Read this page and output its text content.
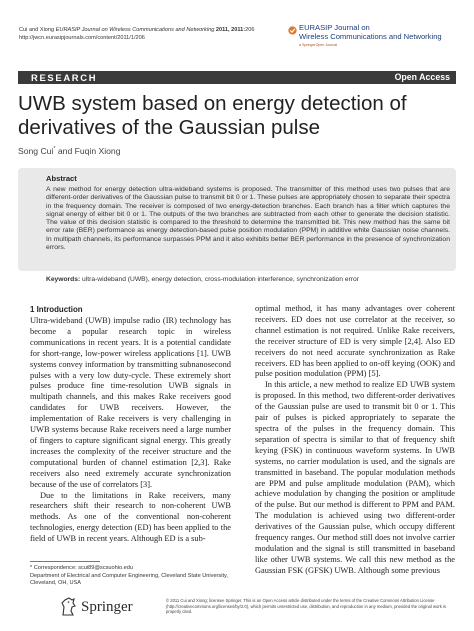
Cui and Xiong EURASIP Journal on Wireless Communications and Networking 2011, 2011:206
http://jwcn.eurasipjournals.com/content/2011/1/206
EURASIP Journal on
Wireless Communications and Networking
a SpringerOpen Journal
RESEARCH	Open Access
UWB system based on energy detection of derivatives of the Gaussian pulse
Song Cui* and Fuqin Xiong
Abstract

A new method for energy detection ultra-wideband systems is proposed. The transmitter of this method uses two pulses that are different-order derivatives of the Gaussian pulse to transmit bit 0 or 1. These pulses are appropriately chosen to separate their spectra in the frequency domain. The receiver is composed of two energy-detection branches. Each branch has a filter which captures the signal energy of either bit 0 or 1. The outputs of the two branches are subtracted from each other to generate the decision statistic. The value of this decision statistic is compared to the threshold to determine the transmitted bit. This new method has the same bit error rate (BER) performance as energy detection-based pulse position modulation (PPM) in additive white Gaussian noise channels. In multipath channels, its performance surpasses PPM and it also exhibits better BER performance in the presence of synchronization errors.

Keywords: ultra-wideband (UWB), energy detection, cross-modulation interference, synchronization error
1 Introduction

Ultra-wideband (UWB) impulse radio (IR) technology has become a popular research topic in wireless communications in recent years. It is a potential candidate for short-range, low-power wireless applications [1]. UWB systems convey information by transmitting subnanosecond pulses with a very low duty-cycle. These extremely short pulses produce fine time-resolution UWB signals in multipath channels, and this makes Rake receivers good candidates for UWB receivers. However, the implementation of Rake receivers is very challenging in UWB systems because Rake receivers need a large number of fingers to capture significant signal energy. This greatly increases the complexity of the receiver structure and the computational burden of channel estimation [2,3]. Rake receivers also need extremely accurate synchronization because of the use of correlators [3].

Due to the limitations in Rake receivers, many researchers shift their research to non-coherent UWB methods. As one of the conventional non-coherent technologies, energy detection (ED) has been applied to the field of UWB in recent years. Although ED is a sub-

optimal method, it has many advantages over coherent receivers. ED does not use correlator at the receiver, so channel estimation is not required. Unlike Rake receivers, the receiver structure of ED is very simple [2,4]. Also ED receivers do not need accurate synchronization as Rake receivers. ED has been applied to on-off keying (OOK) and pulse position modulation (PPM) [5].

In this article, a new method to realize ED UWB system is proposed. In this method, two different-order derivatives of the Gaussian pulse are used to transmit bit 0 or 1. This pair of pulses is picked appropriately to separate the spectra of the pulses in the frequency domain. This separation of spectra is similar to that of frequency shift keying (FSK) in continuous waveform systems. In UWB systems, no carrier modulation is used, and the signals are transmitted in baseband. The popular modulation methods are PPM and pulse amplitude modulation (PAM), which achieve modulation by changing the position or amplitude of the pulse. But our method is different to PPM and PAM. The modulation is achieved using two different-order derivatives of the Gaussian pulse, which occupy different frequency ranges. Our method still does not involve carrier modulation and the signal is still transmitted in baseband like other UWB systems. We call this new method as the Gaussian FSK (GFSK) UWB. Although some previous

* Correspondence: scui89@scsuohio.edu
Department of Electrical and Computer Engineering, Cleveland State University, Cleveland, OH, USA
Springer	© 2011 Cui and Xiong; licensee Springer. This is an Open Access article distributed under the terms of the Creative Commons Attribution License (http://creativecommons.org/licenses/by/2.0), which permits unrestricted use, distribution, and reproduction in any medium, provided the original work is properly cited.
